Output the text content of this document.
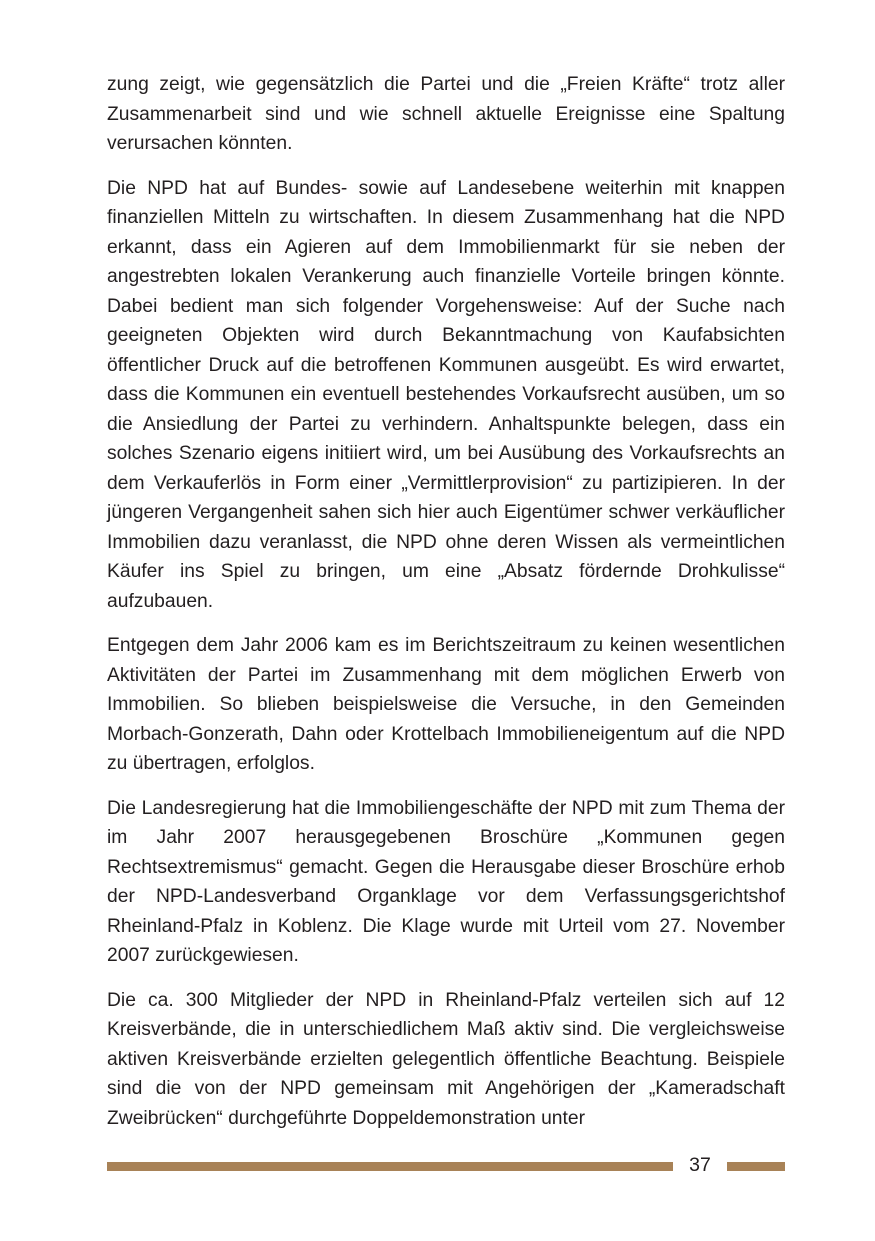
zung zeigt, wie gegensätzlich die Partei und die „Freien Kräfte“ trotz aller Zusammenarbeit sind und wie schnell aktuelle Ereignisse eine Spaltung verursachen könnten.

Die NPD hat auf Bundes- sowie auf Landesebene weiterhin mit knappen finanziellen Mitteln zu wirtschaften. In diesem Zusammenhang hat die NPD erkannt, dass ein Agieren auf dem Immobilienmarkt für sie neben der angestrebten lokalen Verankerung auch finanzielle Vorteile bringen könnte. Dabei bedient man sich folgender Vorgehensweise: Auf der Suche nach geeigneten Objekten wird durch Bekanntmachung von Kaufabsichten öffentlicher Druck auf die betroffenen Kommunen ausgeübt. Es wird erwartet, dass die Kommunen ein eventuell bestehendes Vorkaufsrecht ausüben, um so die Ansiedlung der Partei zu verhindern. Anhaltspunkte belegen, dass ein solches Szenario eigens initiiert wird, um bei Ausübung des Vorkaufsrechts an dem Verkauferlös in Form einer „Vermittlerprovision“ zu partizipieren. In der jüngeren Vergangenheit sahen sich hier auch Eigentümer schwer verkäuflicher Immobilien dazu veranlasst, die NPD ohne deren Wissen als vermeintlichen Käufer ins Spiel zu bringen, um eine „Absatz fördernde Drohkulisse“ aufzubauen.

Entgegen dem Jahr 2006 kam es im Berichtszeitraum zu keinen wesentlichen Aktivitäten der Partei im Zusammenhang mit dem möglichen Erwerb von Immobilien. So blieben beispielsweise die Versuche, in den Gemeinden Morbach-Gonzerath, Dahn oder Krottelbach Immobilieneigentum auf die NPD zu übertragen, erfolglos.

Die Landesregierung hat die Immobiliengeschäfte der NPD mit zum Thema der im Jahr 2007 herausgegebenen Broschüre „Kommunen gegen Rechtsextremismus“ gemacht. Gegen die Herausgabe dieser Broschüre erhob der NPD-Landesverband Organklage vor dem Verfassungsgerichtshof Rheinland-Pfalz in Koblenz. Die Klage wurde mit Urteil vom 27. November 2007 zurückgewiesen.

Die ca. 300 Mitglieder der NPD in Rheinland-Pfalz verteilen sich auf 12 Kreisverbände, die in unterschiedlichem Maß aktiv sind. Die vergleichsweise aktiven Kreisverbände erzielten gelegentlich öffentliche Beachtung. Beispiele sind die von der NPD gemeinsam mit Angehörigen der „Kameradschaft Zweibrücken“ durchgeführte Doppeldemonstration unter

37
